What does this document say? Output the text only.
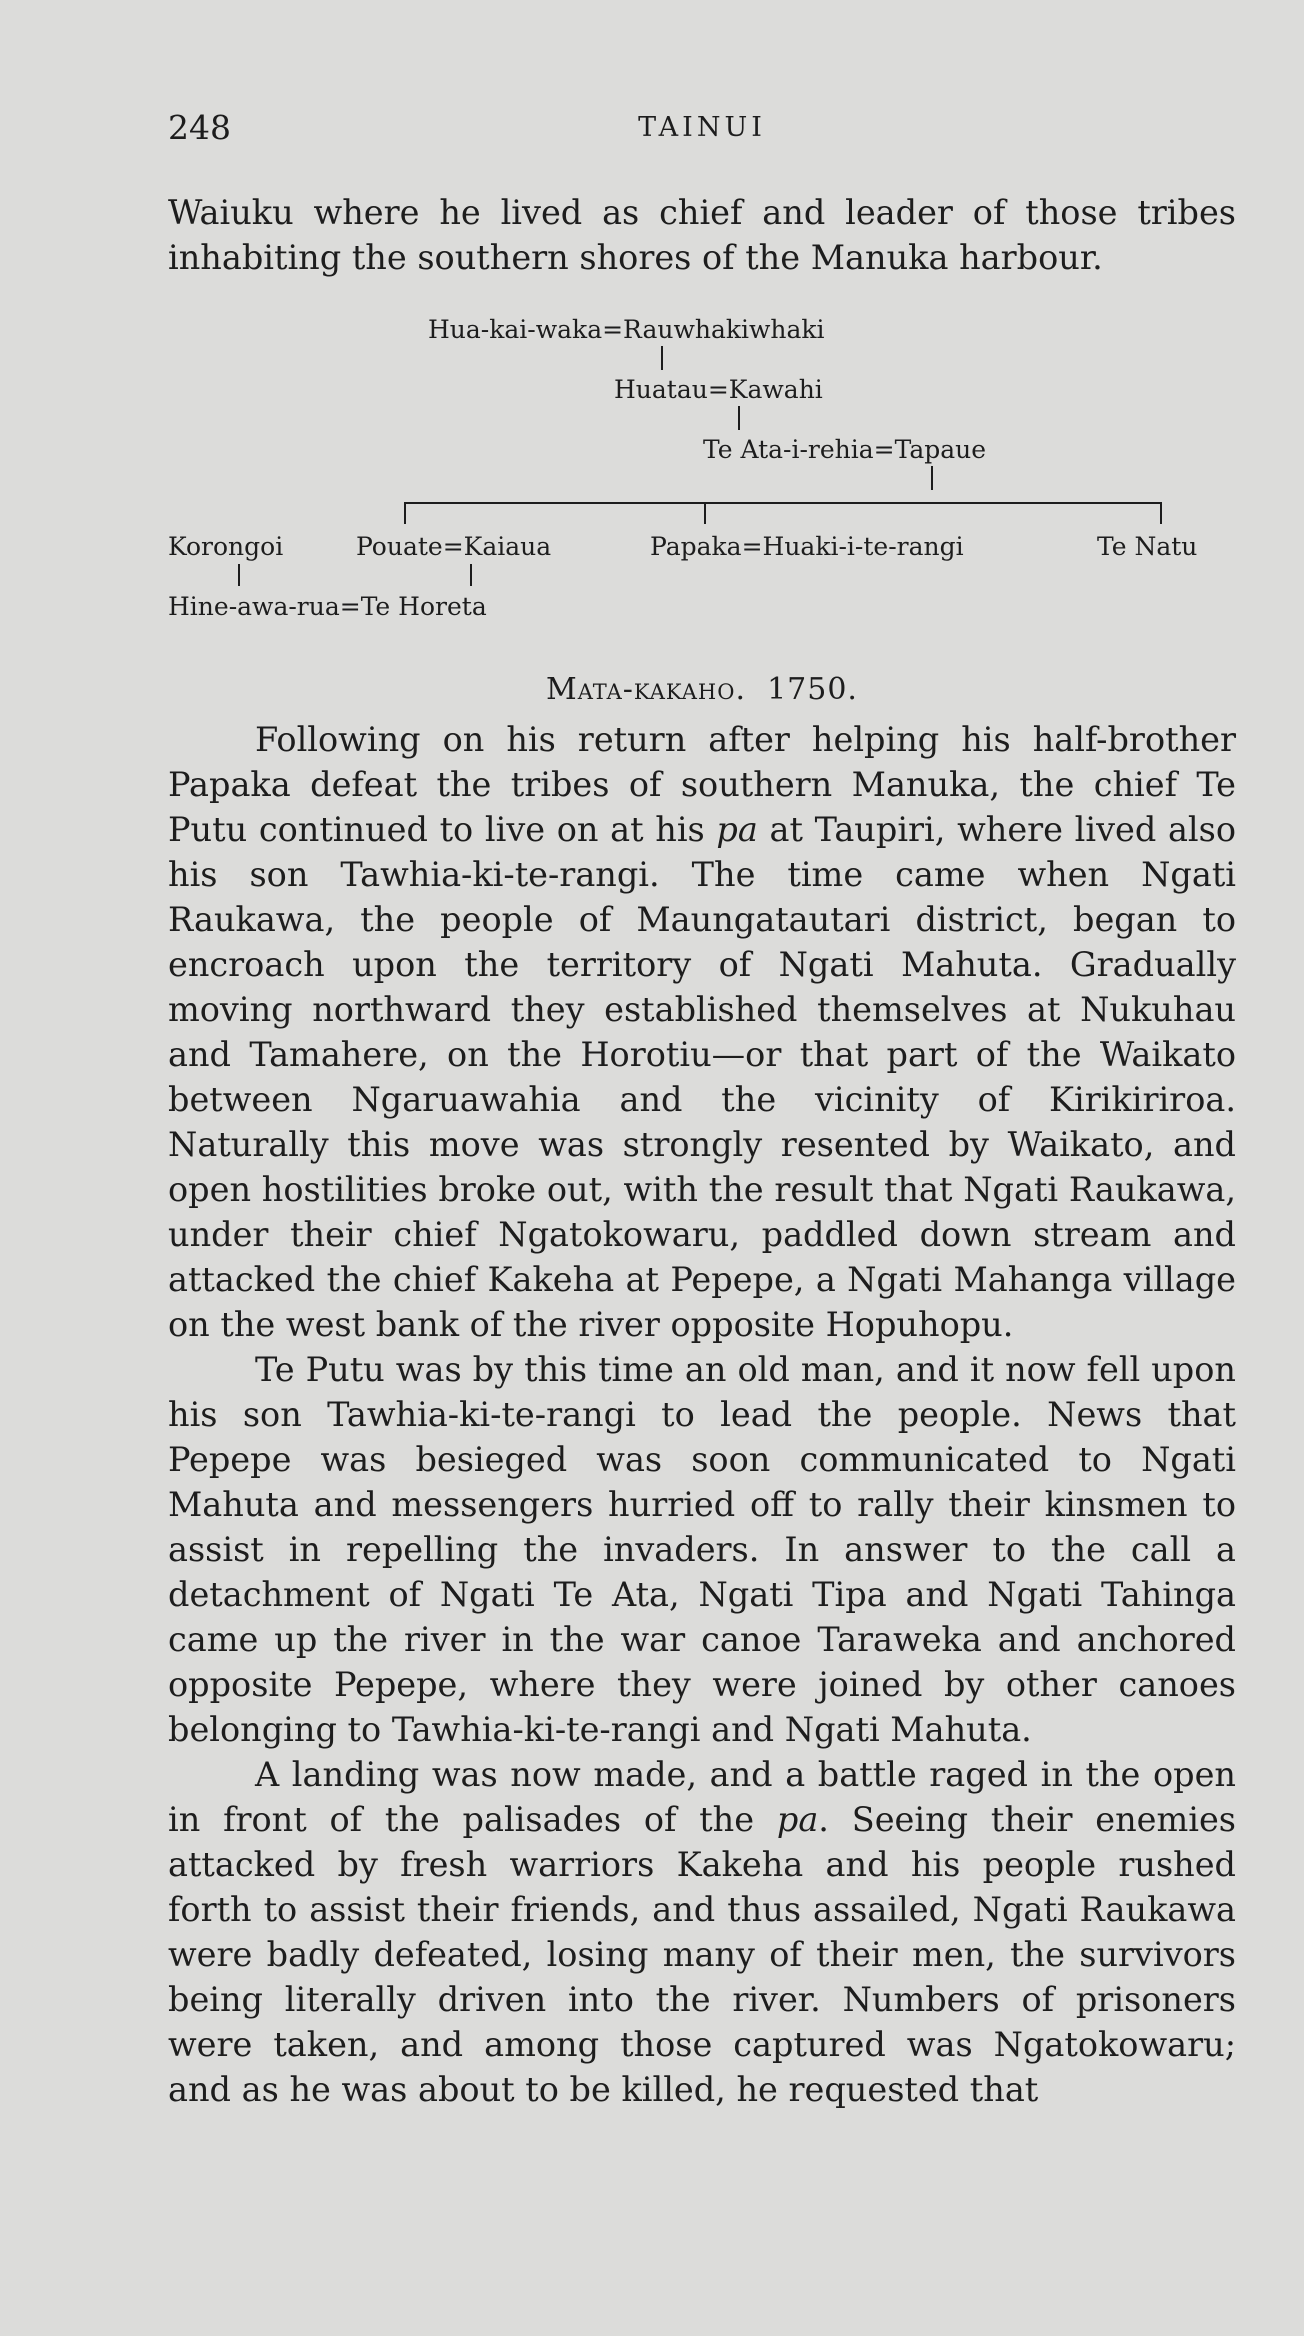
248	TAINUI

Waiuku where he lived as chief and leader of those tribes inhabiting the southern shores of the Manuka harbour.

Hua-kai-waka=Rauwhakiwhaki
Huatau=Kawahi
Te Ata-i-rehia=Tapaue
Korongoi	Pouate=Kaiaua	Papaka=Huaki-i-te-rangi	Te Natu
Hine-awa-rua=Te Horeta
Mata-kakaho. 1750.

Following on his return after helping his half-brother Papaka defeat the tribes of southern Manuka, the chief Te Putu continued to live on at his pa at Taupiri, where lived also his son Tawhia-ki-te-rangi. The time came when Ngati Raukawa, the people of Maungatautari district, began to encroach upon the territory of Ngati Mahuta. Gradually moving northward they established themselves at Nukuhau and Tamahere, on the Horotiu—or that part of the Waikato between Ngaruawahia and the vicinity of Kirikiriroa. Naturally this move was strongly resented by Waikato, and open hostilities broke out, with the result that Ngati Raukawa, under their chief Ngatokowaru, paddled down stream and attacked the chief Kakeha at Pepepe, a Ngati Mahanga village on the west bank of the river opposite Hopuhopu.

Te Putu was by this time an old man, and it now fell upon his son Tawhia-ki-te-rangi to lead the people. News that Pepepe was besieged was soon communicated to Ngati Mahuta and messengers hurried off to rally their kinsmen to assist in repelling the invaders. In answer to the call a detachment of Ngati Te Ata, Ngati Tipa and Ngati Tahinga came up the river in the war canoe Taraweka and anchored opposite Pepepe, where they were joined by other canoes belonging to Tawhia-ki-te-rangi and Ngati Mahuta.

A landing was now made, and a battle raged in the open in front of the palisades of the pa. Seeing their enemies attacked by fresh warriors Kakeha and his people rushed forth to assist their friends, and thus assailed, Ngati Raukawa were badly defeated, losing many of their men, the survivors being literally driven into the river. Numbers of prisoners were taken, and among those captured was Ngatokowaru; and as he was about to be killed, he requested that
